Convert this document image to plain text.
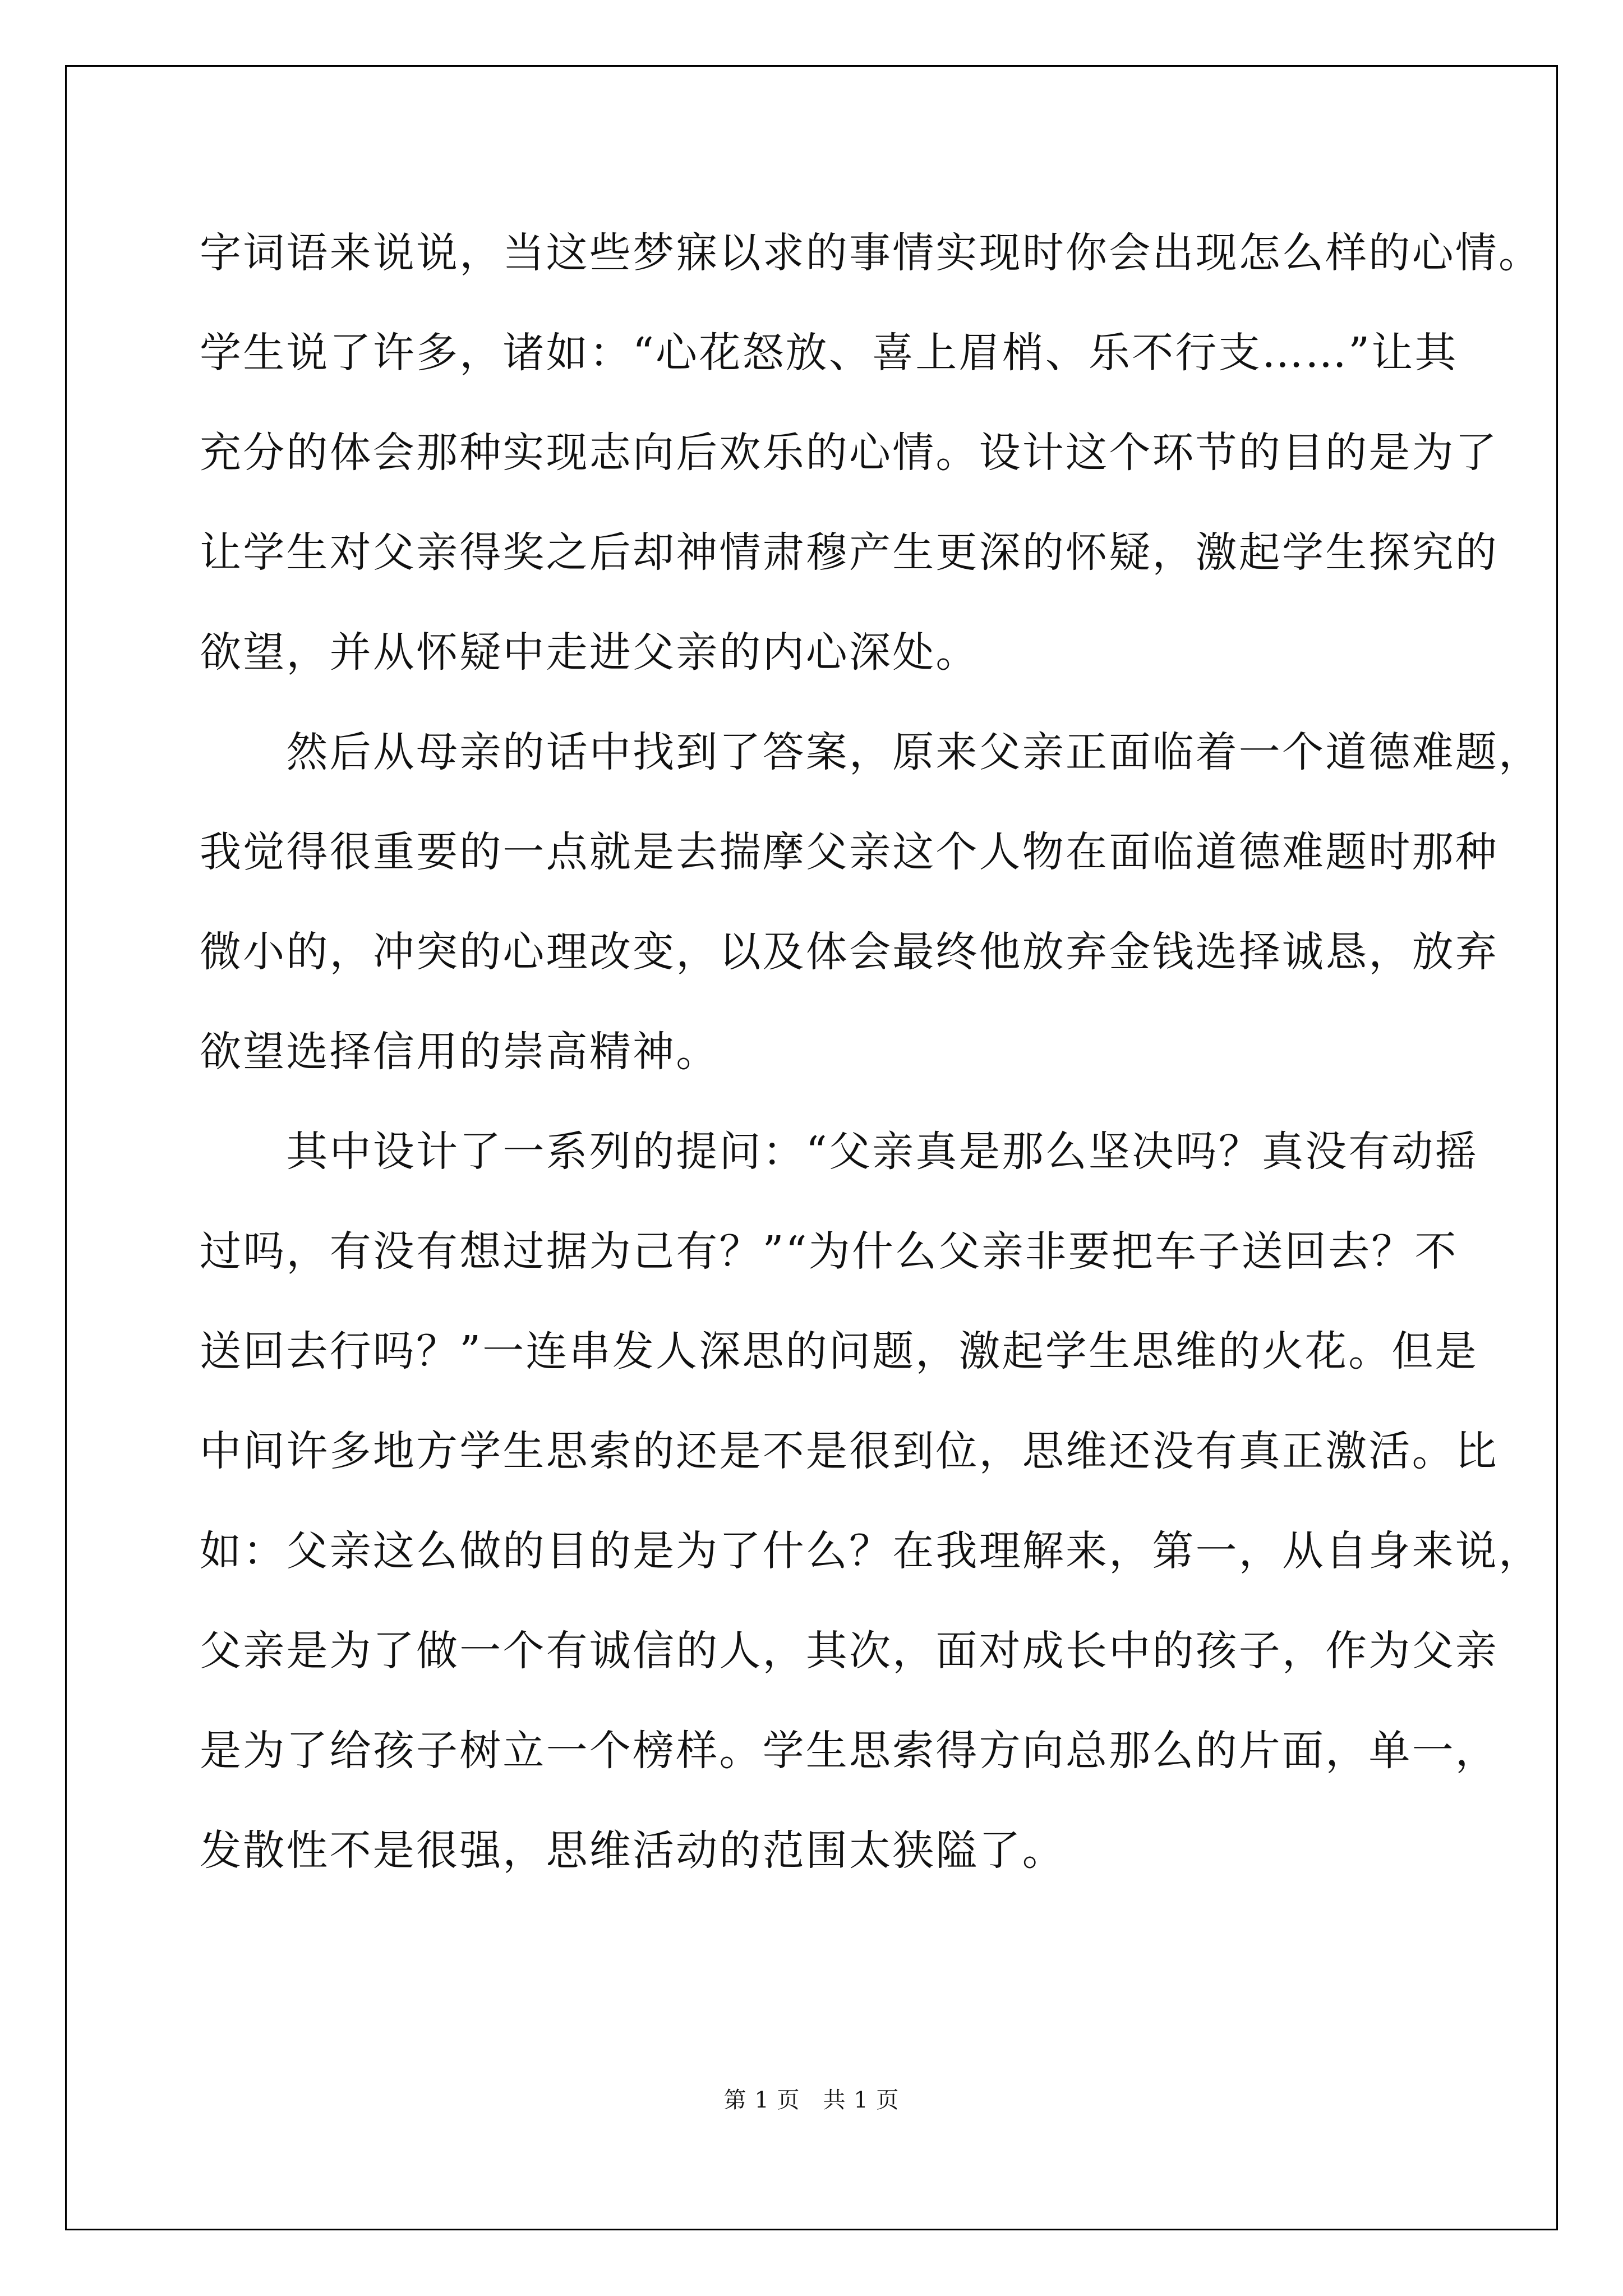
字词语来说说，当这些梦寐以求的事情实现时你会出现怎么样的心情。
学生说了许多，诸如：“心花怒放、喜上眉梢、乐不行支……”让其
充分的体会那种实现志向后欢乐的心情。设计这个环节的目的是为了
让学生对父亲得奖之后却神情肃穆产生更深的怀疑，激起学生探究的
欲望，并从怀疑中走进父亲的内心深处。
　　然后从母亲的话中找到了答案，原来父亲正面临着一个道德难题，
我觉得很重要的一点就是去揣摩父亲这个人物在面临道德难题时那种
微小的，冲突的心理改变，以及体会最终他放弃金钱选择诚恳，放弃
欲望选择信用的崇高精神。
　　其中设计了一系列的提问：“父亲真是那么坚决吗？真没有动摇
过吗，有没有想过据为己有？”“为什么父亲非要把车子送回去？不
送回去行吗？”一连串发人深思的问题，激起学生思维的火花。但是
中间许多地方学生思索的还是不是很到位，思维还没有真正激活。比
如：父亲这么做的目的是为了什么？在我理解来，第一，从自身来说，
父亲是为了做一个有诚信的人，其次，面对成长中的孩子，作为父亲
是为了给孩子树立一个榜样。学生思索得方向总那么的片面，单一，
发散性不是很强，思维活动的范围太狭隘了。
第 1 页　共 1 页
